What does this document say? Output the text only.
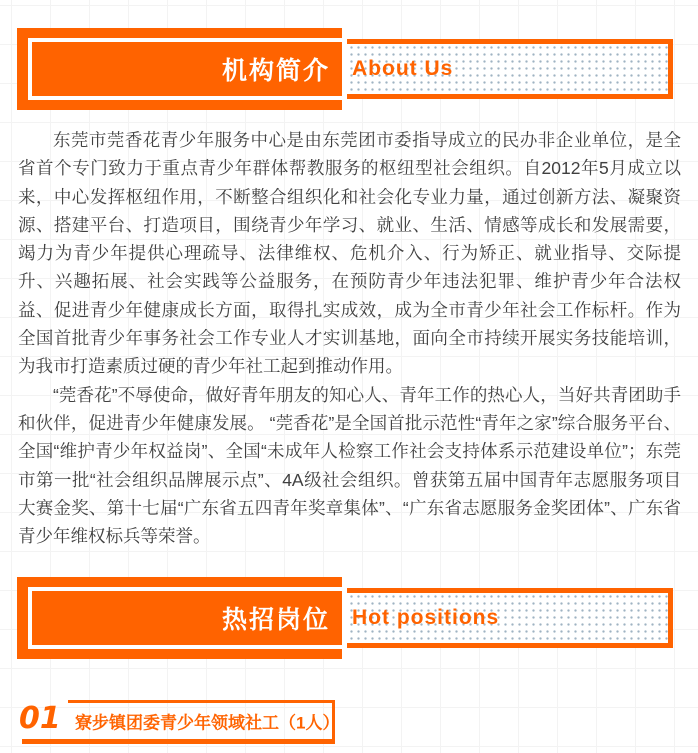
机构简介	About Us

东莞市莞香花青少年服务中心是由东莞团市委指导成立的民办非企业单位，是全省首个专门致力于重点青少年群体帮教服务的枢纽型社会组织。自2012年5月成立以来，中心发挥枢纽作用，不断整合组织化和社会化专业力量，通过创新方法、凝聚资源、搭建平台、打造项目，围绕青少年学习、就业、生活、情感等成长和发展需要，竭力为青少年提供心理疏导、法律维权、危机介入、行为矫正、就业指导、交际提升、兴趣拓展、社会实践等公益服务，在预防青少年违法犯罪、维护青少年合法权益、促进青少年健康成长方面，取得扎实成效，成为全市青少年社会工作标杆。作为全国首批青少年事务社会工作专业人才实训基地，面向全市持续开展实务技能培训，为我市打造素质过硬的青少年社工起到推动作用。

“莞香花”不辱使命，做好青年朋友的知心人、青年工作的热心人，当好共青团助手和伙伴，促进青少年健康发展。 “莞香花”是全国首批示范性“青年之家”综合服务平台、全国“维护青少年权益岗”、全国“未成年人检察工作社会支持体系示范建设单位”；东莞市第一批“社会组织品牌展示点”、4A级社会组织。曾获第五届中国青年志愿服务项目大赛金奖、第十七届“广东省五四青年奖章集体”、“广东省志愿服务金奖团体”、广东省青少年维权标兵等荣誉。

热招岗位	Hot positions
01 寮步镇团委青少年领域社工（1人）
